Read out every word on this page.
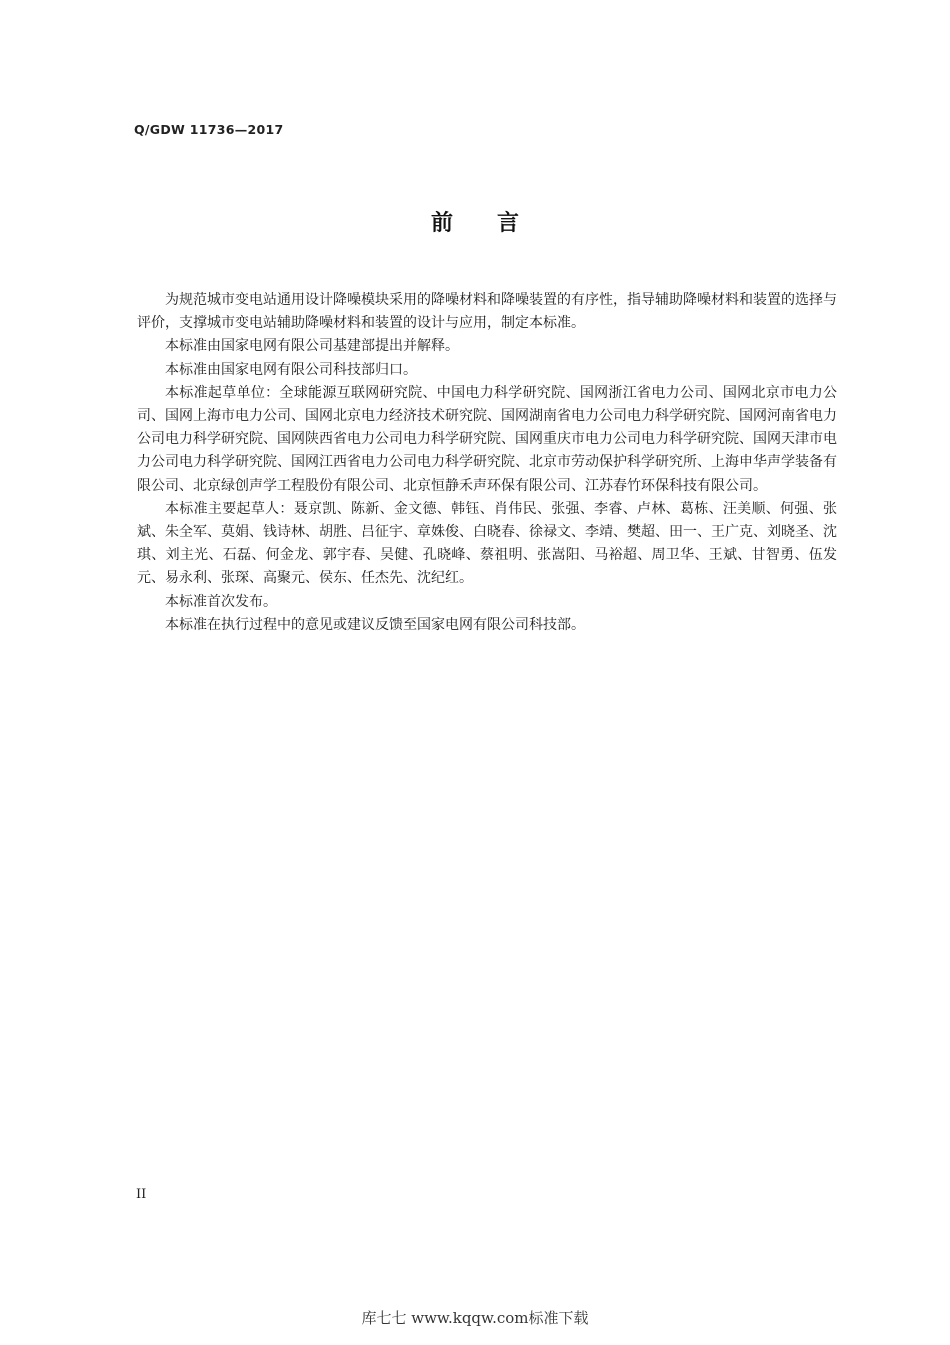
Q/GDW 11736—2017
前 言

为规范城市变电站通用设计降噪模块采用的降噪材料和降噪装置的有序性，指导辅助降噪材料和装置的选择与评价，支撑城市变电站辅助降噪材料和装置的设计与应用，制定本标准。

本标准由国家电网有限公司基建部提出并解释。

本标准由国家电网有限公司科技部归口。

本标准起草单位：全球能源互联网研究院、中国电力科学研究院、国网浙江省电力公司、国网北京市电力公司、国网上海市电力公司、国网北京电力经济技术研究院、国网湖南省电力公司电力科学研究院、国网河南省电力公司电力科学研究院、国网陕西省电力公司电力科学研究院、国网重庆市电力公司电力科学研究院、国网天津市电力公司电力科学研究院、国网江西省电力公司电力科学研究院、北京市劳动保护科学研究所、上海申华声学装备有限公司、北京绿创声学工程股份有限公司、北京恒静禾声环保有限公司、江苏春竹环保科技有限公司。

本标准主要起草人：聂京凯、陈新、金文德、韩钰、肖伟民、张强、李睿、卢林、葛栋、汪美顺、何强、张斌、朱全军、莫娟、钱诗林、胡胜、吕征宇、章姝俊、白晓春、徐禄文、李靖、樊超、田一、王广克、刘晓圣、沈琪、刘主光、石磊、何金龙、郭宇春、吴健、孔晓峰、蔡祖明、张嵩阳、马裕超、周卫华、王斌、甘智勇、伍发元、易永利、张琛、高聚元、侯东、任杰先、沈纪红。

本标准首次发布。

本标准在执行过程中的意见或建议反馈至国家电网有限公司科技部。

II
库七七 www.kqqw.com标准下载
